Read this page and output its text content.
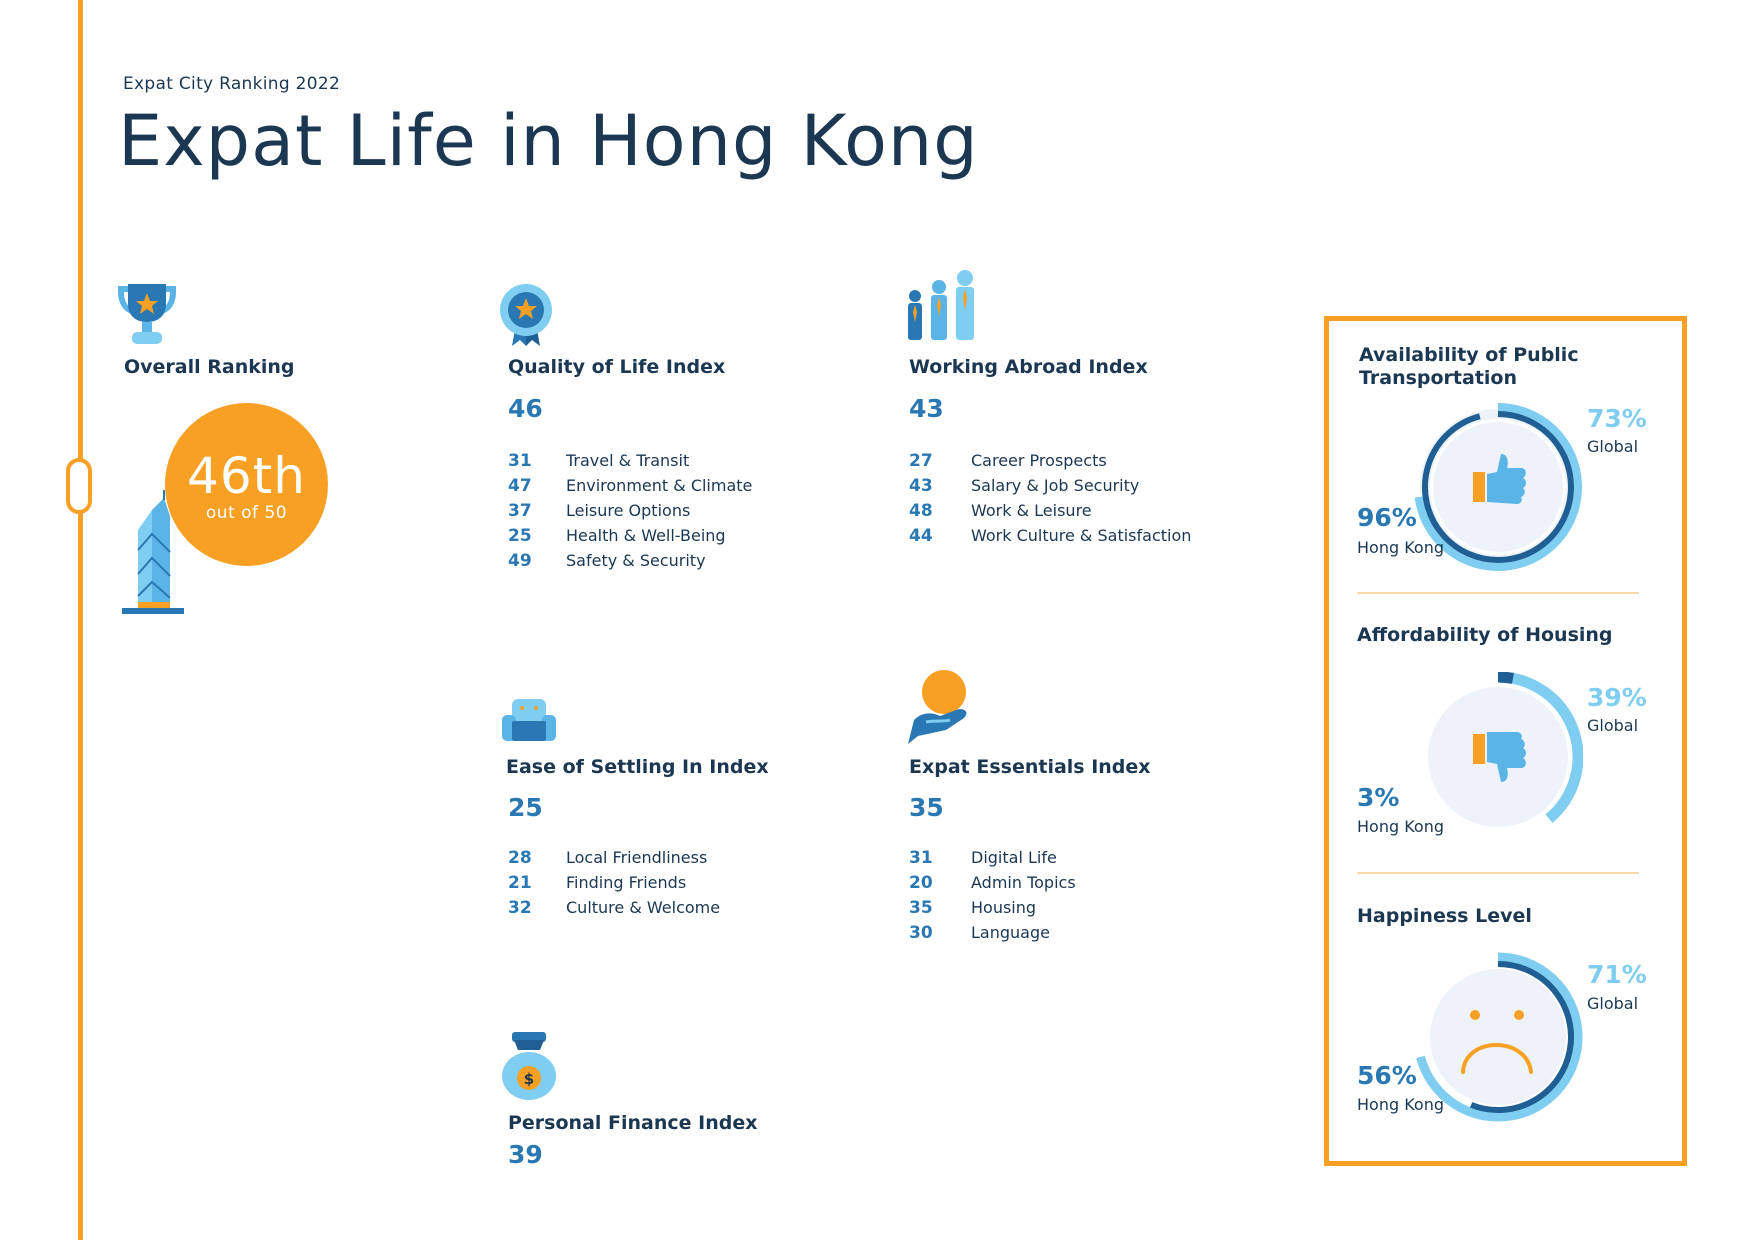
Expat City Ranking 2022
Expat Life in Hong Kong
Overall Ranking
46th
out of 50
Quality of Life Index
46
31	Travel & Transit
47	Environment & Climate
37	Leisure Options
25	Health & Well-Being
49	Safety & Security
Working Abroad Index
43
27	Career Prospects
43	Salary & Job Security
48	Work & Leisure
44	Work Culture & Satisfaction
Ease of Settling In Index
25
28	Local Friendliness
21	Finding Friends
32	Culture & Welcome
Expat Essentials Index
35
31	Digital Life
20	Admin Topics
35	Housing
30	Language
$
Personal Finance Index
39
Availability of Public
Transportation
73%
Global
96%
Hong Kong
Affordability of Housing
39%
Global
3%
Hong Kong
Happiness Level
71%
Global
56%
Hong Kong
